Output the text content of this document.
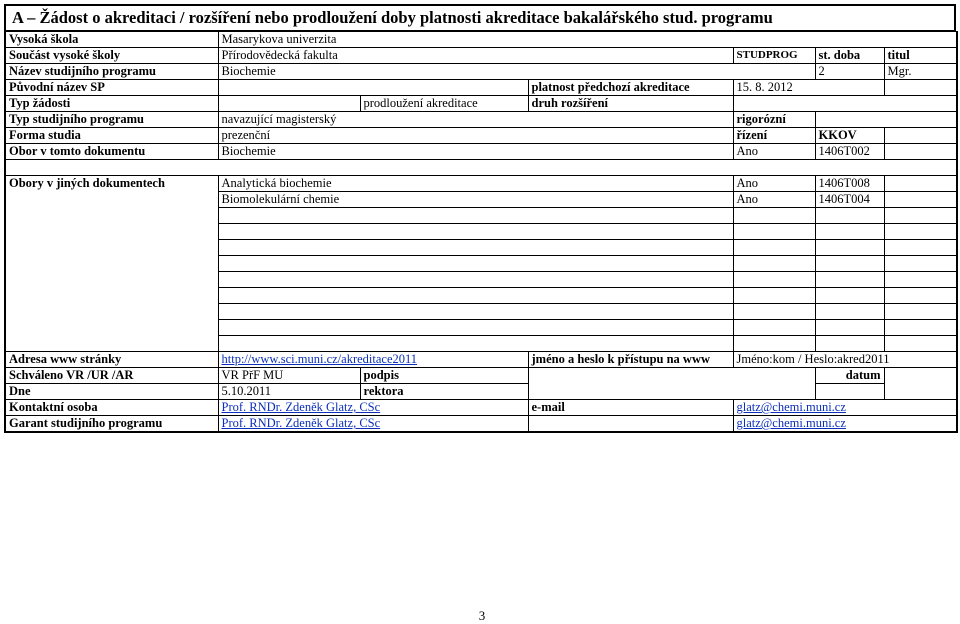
A – Žádost o akreditaci / rozšíření nebo prodloužení doby platnosti akreditace bakalářského stud. programu
Vysoká škola	Masarykova univerzita					
Součást vysoké školy	Přírodovědecká fakulta			STUDPROG	st. doba	titul
Název studijního programu	Biochemie				2	Mgr.
Původní název SP			platnost předchozí akreditace	15. 8. 2012		
Typ žádosti		prodloužení akreditace	druh rozšíření			
Typ studijního programu	navazující magisterský			rigorózní		
Forma studia	prezenční			řízení	KKOV	
Obor v tomto dokumentu	Biochemie			Ano	1406T002	

Obory v jiných dokumentech	Analytická biochemie			Ano	1406T008	
	Biomolekulární chemie			Ano	1406T004	

Adresa www stránky	http://www.sci.muni.cz/akreditace2011		jméno a heslo k přístupu na www	Jméno:kom / Heslo:akred2011		
Schváleno VR /UR /AR	VR PřF MU	podpis			datum	
Dne	5.10.2011	rektora				
Kontaktní osoba	Prof. RNDr. Zdeněk Glatz, CSc		e-mail	glatz@chemi.muni.cz		
Garant studijního programu	Prof. RNDr. Zdeněk Glatz, CSc			glatz@chemi.muni.cz		
3
